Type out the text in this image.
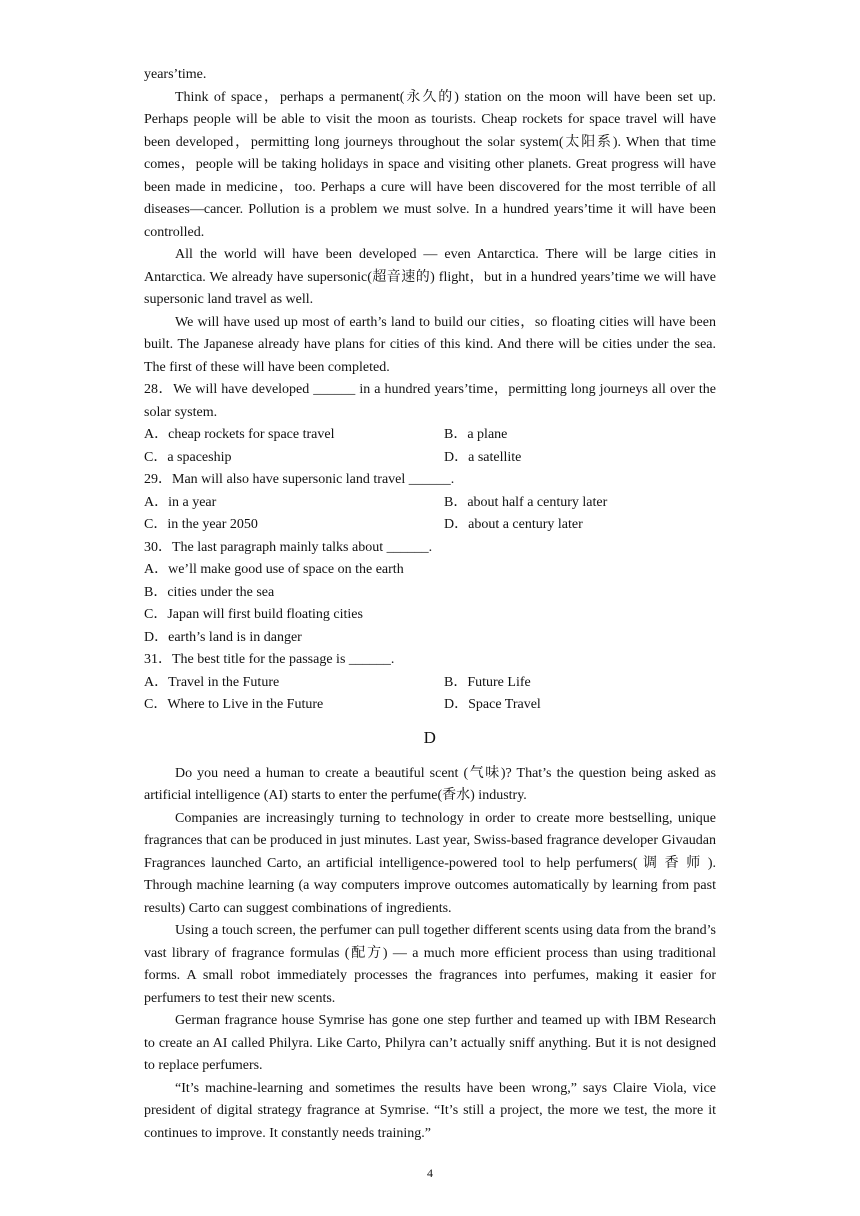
years’time.

Think of space，perhaps a permanent(永久的) station on the moon will have been set up. Perhaps people will be able to visit the moon as tourists. Cheap rockets for space travel will have been developed，permitting long journeys throughout the solar system(太阳系). When that time comes，people will be taking holidays in space and visiting other planets. Great progress will have been made in medicine，too. Perhaps a cure will have been discovered for the most terrible of all diseases—cancer. Pollution is a problem we must solve. In a hundred years’time it will have been controlled.

All the world will have been developed — even Antarctica. There will be large cities in Antarctica. We already have supersonic(超音速的) flight，but in a hundred years’time we will have supersonic land travel as well.

We will have used up most of earth’s land to build our cities，so floating cities will have been built. The Japanese already have plans for cities of this kind. And there will be cities under the sea. The first of these will have been completed.

28．We will have developed ______ in a hundred years’time，permitting long journeys all over the solar system.

A．cheap rockets for space travel	B．a plane
C．a spaceship	D．a satellite

29．Man will also have supersonic land travel ______.

A．in a year	B．about half a century later
C．in the year 2050	D．about a century later

30．The last paragraph mainly talks about ______.

A．we’ll make good use of space on the earth

B．cities under the sea

C．Japan will first build floating cities

D．earth’s land is in danger

31．The best title for the passage is ______.

A．Travel in the Future	B．Future Life
C．Where to Live in the Future	D．Space Travel
D

Do you need a human to create a beautiful scent (气味)? That’s the question being asked as artificial intelligence (AI) starts to enter the perfume(香水) industry.

Companies are increasingly turning to technology in order to create more bestselling, unique fragrances that can be produced in just minutes. Last year, Swiss-based fragrance developer Givaudan Fragrances launched Carto, an artificial intelligence-powered tool to help perfumers( 调 香 师 ). Through machine learning (a way computers improve outcomes automatically by learning from past results) Carto can suggest combinations of ingredients.

Using a touch screen, the perfumer can pull together different scents using data from the brand’s vast library of fragrance formulas (配方) — a much more efficient process than using traditional forms. A small robot immediately processes the fragrances into perfumes, making it easier for perfumers to test their new scents.

German fragrance house Symrise has gone one step further and teamed up with IBM Research to create an AI called Philyra. Like Carto, Philyra can’t actually sniff anything. But it is not designed to replace perfumers.

“It’s machine-learning and sometimes the results have been wrong,” says Claire Viola, vice president of digital strategy fragrance at Symrise. “It’s still a project, the more we test, the more it continues to improve. It constantly needs training.”

4
